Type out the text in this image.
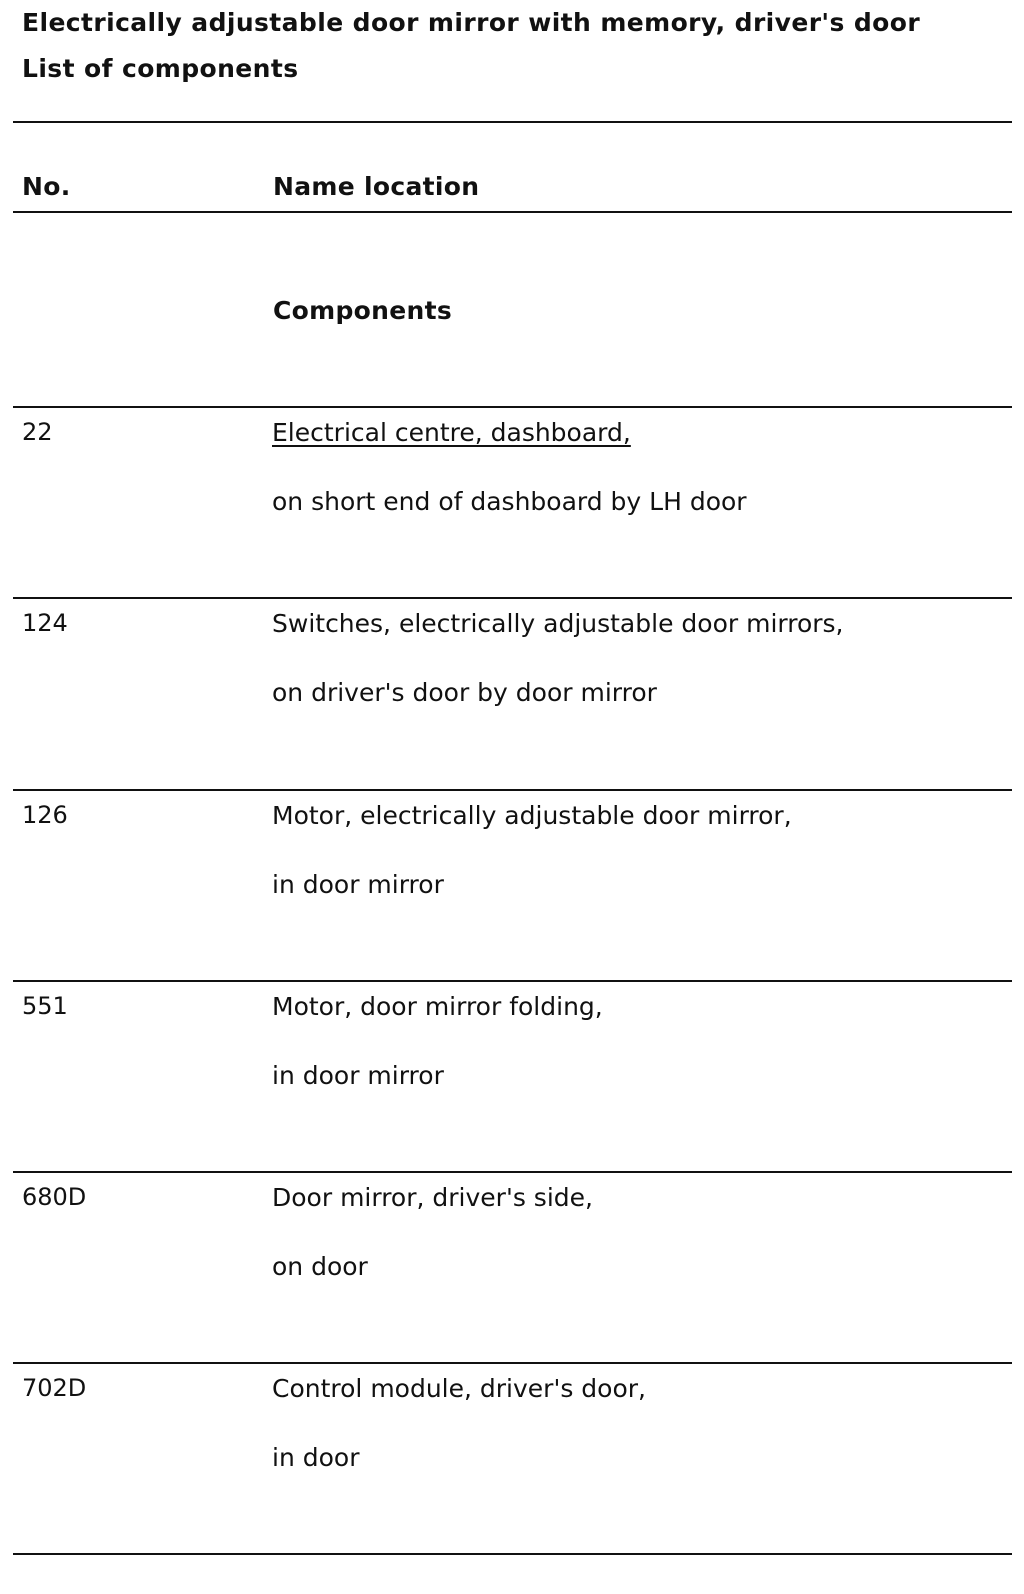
Electrically adjustable door mirror with memory, driver's door
List of components
No.	Name location
Components
22	Electrical centre, dashboard,
on short end of dashboard by LH door
124	Switches, electrically adjustable door mirrors,
on driver's door by door mirror
126	Motor, electrically adjustable door mirror,
in door mirror
551	Motor, door mirror folding,
in door mirror
680D	Door mirror, driver's side,
on door
702D	Control module, driver's door,
in door
